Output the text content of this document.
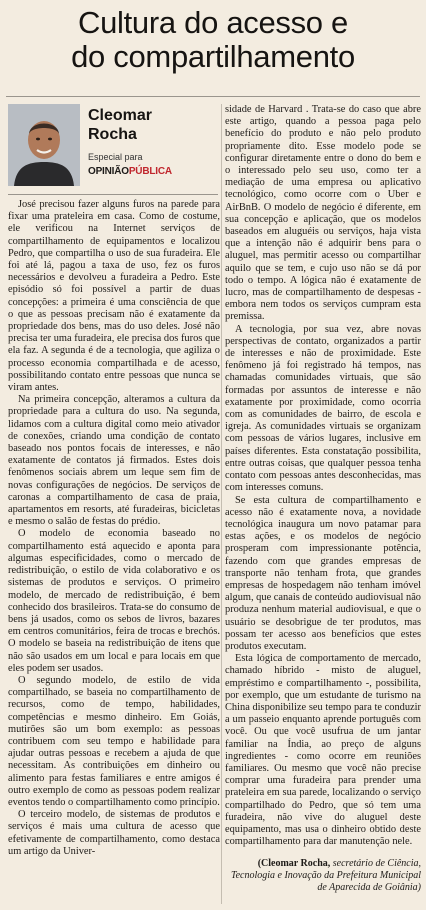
Cultura do acesso e
do compartilhamento
Cleomar
Rocha
Especial para
OPINIÃOPÚBLICA

José precisou fazer alguns furos na parede para fixar uma prateleira em casa. Como de costume, ele verificou na Internet serviços de compartilhamento de equipamentos e localizou Pedro, que compartilha o uso de sua furadeira. Ele foi até lá, pagou a taxa de uso, fez os furos necessários e devolveu a furadeira a Pedro. Este episódio só foi possível a partir de duas concepções: a primeira é uma consciência de que o que as pessoas precisam não é exatamente da propriedade dos bens, mas do uso deles. José não precisa ter uma furadeira, ele precisa dos furos que ela faz. A segunda é de a tecnologia, que agiliza o processo economia compartilhada e de acesso, possibilitando contato entre pessoas que nunca se viram antes.

Na primeira concepção, alteramos a cultura da propriedade para a cultura do uso. Na segunda, lidamos com a cultura digital como meio ativador de conexões, criando uma condição de contato baseado nos pontos focais de interesses, e não exatamente de contatos já firmados. Estes dois fenômenos sociais abrem um leque sem fim de novas configurações de negócios. De serviços de caronas a compartilhamento de casa de praia, apartamentos em resorts, até furadeiras, bicicletas e mesmo o salão de festas do prédio.

O modelo de economia baseado no compartilhamento está aquecido e aponta para algumas especificidades, como o mercado de redistribuição, o estilo de vida colaborativo e os sistemas de produtos e serviços. O primeiro modelo, de mercado de redistribuição, é bem conhecido dos brasileiros. Trata-se do consumo de bens já usados, como os sebos de livros, bazares em centros comunitários, feira de trocas e brechós. O modelo se baseia na redistribuição de itens que não são usados em um local e para locais em que eles podem ser usados.

O segundo modelo, de estilo de vida compartilhado, se baseia no compartilhamento de recursos, como de tempo, habilidades, competências e mesmo dinheiro. Em Goiás, mutirões são um bom exemplo: as pessoas contribuem com seu tempo e habilidade para ajudar outras pessoas e recebem a ajuda de que necessitam. As contribuições em dinheiro ou alimento para festas familiares e entre amigos é outro exemplo de como as pessoas podem realizar eventos tendo o compartilhamento como princípio.

O terceiro modelo, de sistemas de produtos e serviços é mais uma cultura de acesso que efetivamente de compartilhamento, como destaca um artigo da Univer-

sidade de Harvard . Trata-se do caso que abre este artigo, quando a pessoa paga pelo benefício do produto e não pelo produto propriamente dito. Esse modelo pode se configurar diretamente entre o dono do bem e o interessado pelo seu uso, como ter a mediação de uma empresa ou aplicativo tecnológico, como ocorre com o Uber e AirBnB. O modelo de negócio é diferente, em sua concepção e aplicação, que os modelos baseados em aluguéis ou serviços, haja vista que a intenção não é adquirir bens para o aluguel, mas permitir acesso ou compartilhar aquilo que se tem, e cujo uso não se dá por todo o tempo. A lógica não é exatamente de lucro, mas de compartilhamento de despesas - embora nem todos os serviços cumpram esta premissa.

A tecnologia, por sua vez, abre novas perspectivas de contato, organizados a partir de interesses e não de proximidade. Este fenômeno já foi registrado há tempos, nas chamadas comunidades virtuais, que são formadas por assuntos de interesse e não exatamente por proximidade, como ocorria com as comunidades de bairro, de escola e igreja. As comunidades virtuais se organizam com pessoas de vários lugares, inclusive em países diferentes. Esta constatação possibilita, entre outras coisas, que qualquer pessoa tenha contato com pessoas antes desconhecidas, mas com interesses comuns.

Se esta cultura de compartilhamento e acesso não é exatamente nova, a novidade tecnológica inaugura um novo patamar para estas ações, e os modelos de negócio prosperam com impressionante potência, fazendo com que grandes empresas de transporte não tenham frota, que grandes empresas de hospedagem não tenham imóvel algum, que canais de conteúdo audiovisual não produza nenhum material audiovisual, e que o usuário se desobrigue de ter produtos, mas possam ter acesso aos benefícios que estes produtos executam.

Esta lógica de comportamento de mercado, chamado híbrido - misto de aluguel, empréstimo e compartilhamento -, possibilita, por exemplo, que um estudante de turismo na China disponibilize seu tempo para te conduzir a um passeio enquanto aprende português com você. Ou que você usufrua de um jantar familiar na Índia, ao preço de alguns ingredientes - como ocorre em reuniões familiares. Ou mesmo que você não precise comprar uma furadeira para prender uma prateleira em sua parede, localizando o serviço compartilhado do Pedro, que só tem uma furadeira, não vive do aluguel deste equipamento, mas usa o dinheiro obtido deste compartilhamento para dar manutenção nele.

(Cleomar Rocha, secretário de Ciência, Tecnologia e Inovação da Prefeitura Municipal de Aparecida de Goiânia)
